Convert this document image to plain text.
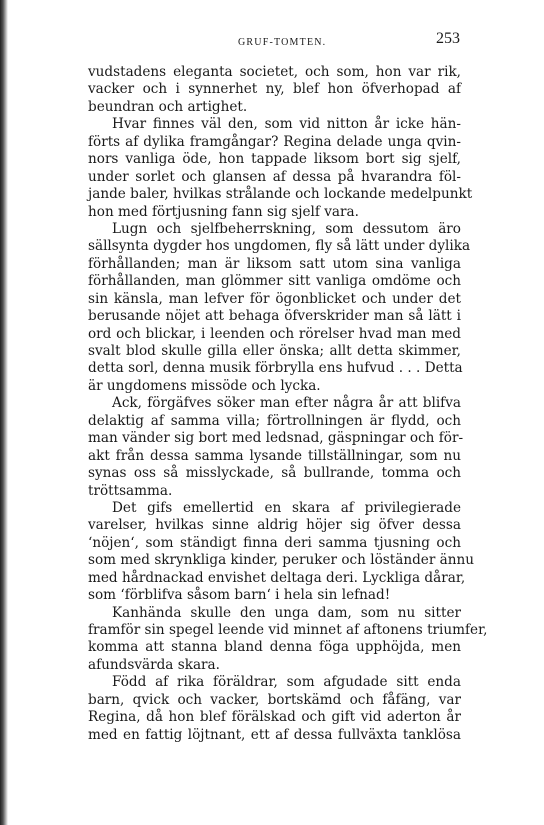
GRUF-TOMTEN.	253
vudstadens eleganta societet, och som, hon var rik,
vacker och i synnerhet ny, blef hon öfverhopad af
beundran och artighet.
Hvar finnes väl den, som vid nitton år icke hän-
förts af dylika framgångar? Regina delade unga qvin-
nors vanliga öde, hon tappade liksom bort sig sjelf,
under sorlet och glansen af dessa på hvarandra föl-
jande baler, hvilkas strålande och lockande medelpunkt
hon med förtjusning fann sig sjelf vara.
Lugn och sjelfbeherrskning, som dessutom äro
sällsynta dygder hos ungdomen, fly så lätt under dylika
förhållanden; man är liksom satt utom sina vanliga
förhållanden, man glömmer sitt vanliga omdöme och
sin känsla, man lefver för ögonblicket och under det
berusande nöjet att behaga öfverskrider man så lätt i
ord och blickar, i leenden och rörelser hvad man med
svalt blod skulle gilla eller önska; allt detta skimmer,
detta sorl, denna musik förbrylla ens hufvud . . . Detta
är ungdomens missöde och lycka.
Ack, förgäfves söker man efter några år att blifva
delaktig af samma villa; förtrollningen är flydd, och
man vänder sig bort med ledsnad, gäspningar och för-
akt från dessa samma lysande tillställningar, som nu
synas oss så misslyckade, så bullrande, tomma och
tröttsamma.
Det gifs emellertid en skara af privilegierade
varelser, hvilkas sinne aldrig höjer sig öfver dessa
‘nöjen‘, som ständigt finna deri samma tjusning och
som med skrynkliga kinder, peruker och löständer ännu
med hårdnackad envishet deltaga deri. Lyckliga dårar,
som ‘förblifva såsom barn‘ i hela sin lefnad!
Kanhända skulle den unga dam, som nu sitter
framför sin spegel leende vid minnet af aftonens triumfer,
komma att stanna bland denna föga upphöjda, men
afundsvärda skara.
Född af rika föräldrar, som afgudade sitt enda
barn, qvick och vacker, bortskämd och fåfäng, var
Regina, då hon blef förälskad och gift vid aderton år
med en fattig löjtnant, ett af dessa fullväxta tanklösa
